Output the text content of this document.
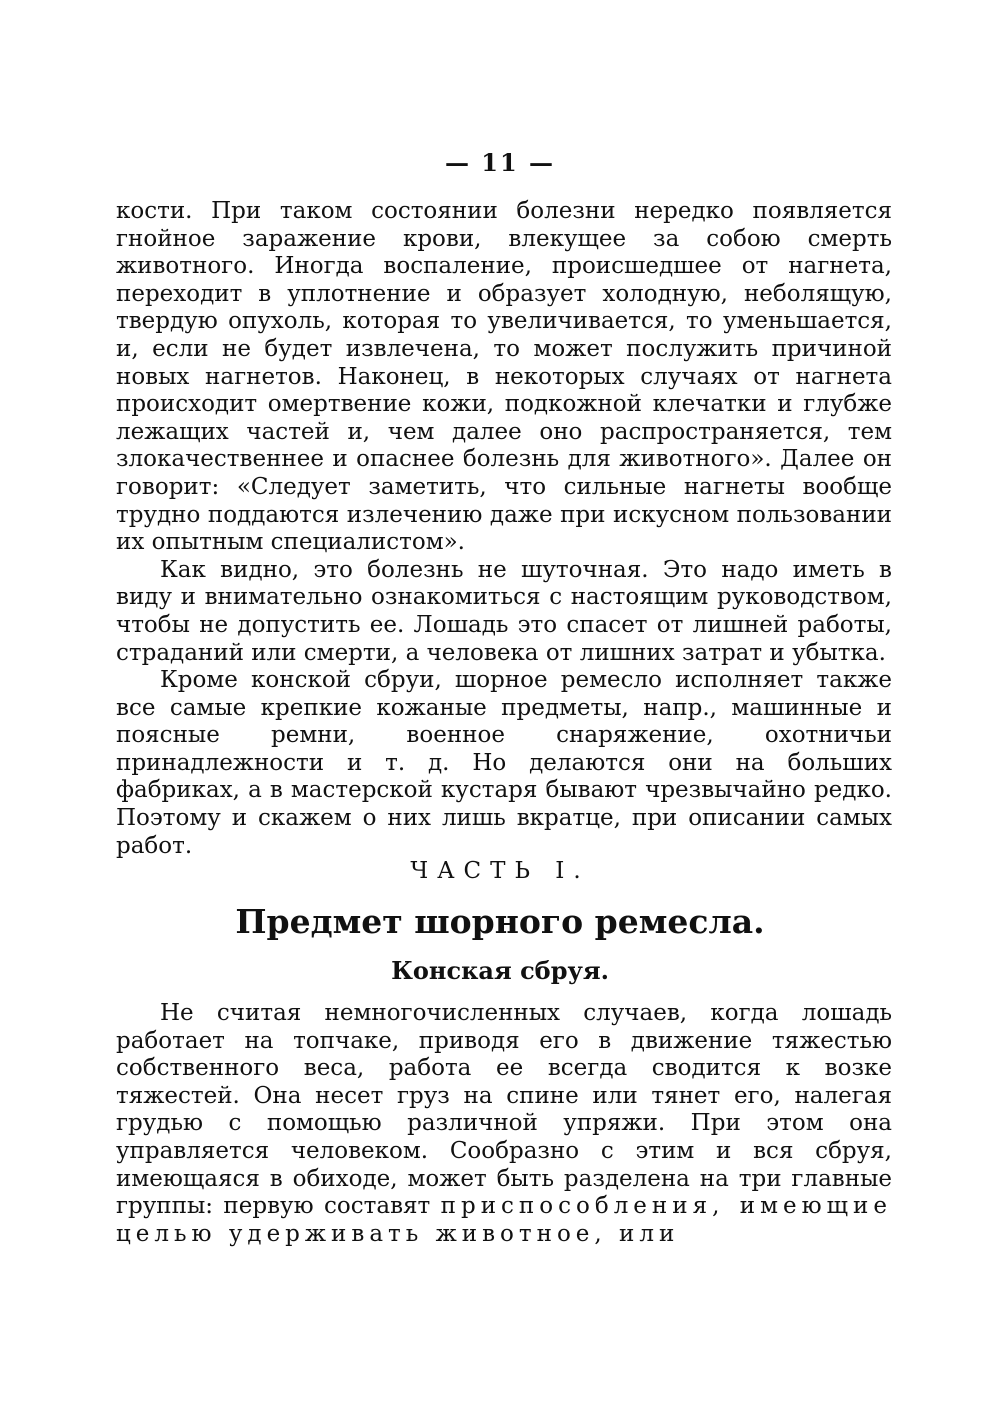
— 11 —

кости. При таком состоянии болезни нередко появляется гнойное заражение крови, влекущее за собою смерть животного. Иногда воспаление, происшедшее от нагнета, переходит в уплотнение и образует холодную, неболящую, твердую опухоль, которая то увеличивается, то уменьшается, и, если не будет извлечена, то может послужить причиной новых нагнетов. Наконец, в некоторых случаях от нагнета происходит омертвение кожи, подкожной клечатки и глубже лежащих частей и, чем далее оно распространяется, тем злокачественнее и опаснее болезнь для животного». Далее он говорит: «Следует заметить, что сильные нагнеты вообще трудно поддаются излечению даже при искусном пользовании их опытным специалистом».

Как видно, это болезнь не шуточная. Это надо иметь в виду и внимательно ознакомиться с настоящим руководством, чтобы не допустить ее. Лошадь это спасет от лишней работы, страданий или смерти, а человека от лишних затрат и убытка.

Кроме конской сбруи, шорное ремесло исполняет также все самые крепкие кожаные предметы, напр., машинные и поясные ремни, военное снаряжение, охотничьи принадлежности и т. д. Но делаются они на больших фабриках, а в мастерской кустаря бывают чрезвычайно редко. Поэтому и скажем о них лишь вкратце, при описании самых работ.

ЧАСТЬ I.
Предмет шорного ремесла.
Конская сбруя.

Не считая немногочисленных случаев, когда лошадь работает на топчаке, приводя его в движение тяжестью собственного веса, работа ее всегда сводится к возке тяжестей. Она несет груз на спине или тянет его, налегая грудью с помощью различной упряжи. При этом она управляется человеком. Сообразно с этим и вся сбруя, имеющаяся в обиходе, может быть разделена на три главные группы: первую составят приспособления, имеющие целью удерживать животное, или
